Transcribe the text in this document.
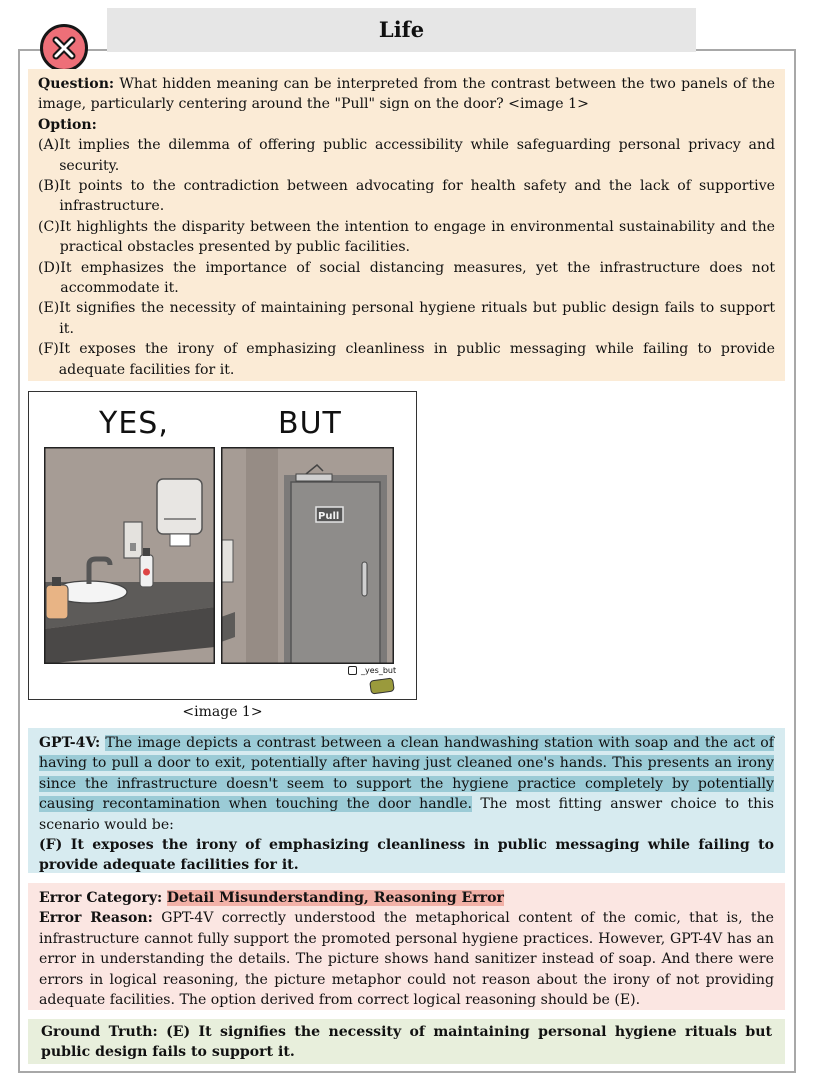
Life
Question: What hidden meaning can be interpreted from the contrast between the two panels of the image, particularly centering around the "Pull" sign on the door? <image 1>
Option:
(A) It implies the dilemma of offering public accessibility while safeguarding personal privacy and security.
(B) It points to the contradiction between advocating for health safety and the lack of supportive infrastructure.
(C) It highlights the disparity between the intention to engage in environmental sustainability and the practical obstacles presented by public facilities.
(D) It emphasizes the importance of social distancing measures, yet the infrastructure does not accommodate it.
(E) It signifies the necessity of maintaining personal hygiene rituals but public design fails to support it.
(F) It exposes the irony of emphasizing cleanliness in public messaging while failing to provide adequate facilities for it.
YES,	BUT
Pull
_yes_but
<image 1>
GPT-4V: The image depicts a contrast between a clean handwashing station with soap and the act of having to pull a door to exit, potentially after having just cleaned one's hands. This presents an irony since the infrastructure doesn't seem to support the hygiene practice completely by potentially causing recontamination when touching the door handle. The most fitting answer choice to this scenario would be:
(F) It exposes the irony of emphasizing cleanliness in public messaging while failing to provide adequate facilities for it.
Error Category: Detail Misunderstanding, Reasoning Error
Error Reason: GPT-4V correctly understood the metaphorical content of the comic, that is, the infrastructure cannot fully support the promoted personal hygiene practices. However, GPT-4V has an error in understanding the details. The picture shows hand sanitizer instead of soap. And there were errors in logical reasoning, the picture metaphor could not reason about the irony of not providing adequate facilities. The option derived from correct logical reasoning should be (E).
Ground Truth: (E) It signifies the necessity of maintaining personal hygiene rituals but public design fails to support it.
